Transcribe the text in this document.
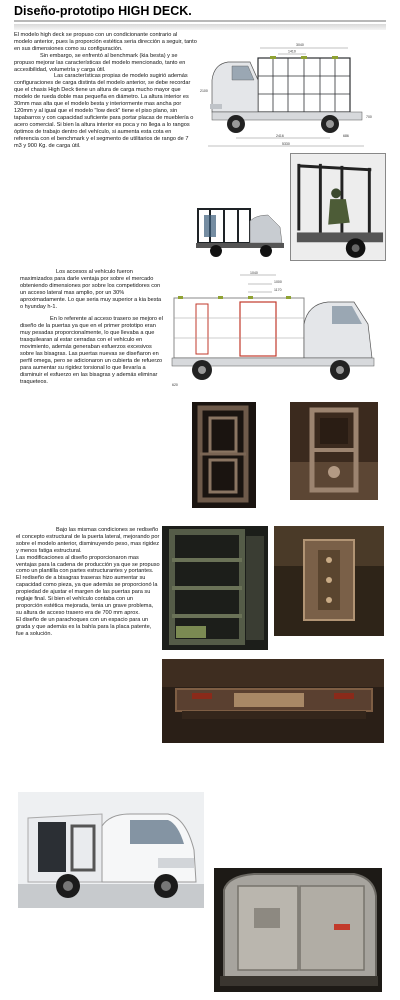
Diseño-prototipo HIGH DECK.
El modelo high deck se propuso con un condicionante contrario al modelo anterior, pues la proporción estética seria dirección a seguir, tanto en sus dimensiones como su configuración.
Sin embargo, se enfrentó al benchmark (kia besta) y se propuso mejorar las características del modelo mencionado, tanto en accesibilidad, volumetría y carga útil.
Las características propias de modelo sugirió además configuraciones de carga distinta del modelo anterior, se debe recordar que el chasis High Deck tiene un altura de carga mucho mayor que modelo de rueda doble mas pequeña en diámetro. La altura interior es 30mm mas alta que el modelo besta y interiormente mas ancha por 120mm y al igual que el modelo "low deck" tiene el piso plano, sin tapabarros y con capacidad suficiente para portar placas de mueblería o acero comercial. Si bien la altura interior es poca y no llega a lo rangos óptimos de trabajo dentro del vehículo, si aumenta esta cota en referencia con el benchmark y el segmento de utilitarios de rango de 7 m3 y 900 Kg. de carga útil.
3040
1410
2416	686
5330
2100
700
Los accesos al vehículo fueron maximizados para darle ventaja por sobre el mercado obteniendo dimensiones por sobre los competidores con un acceso lateral mas amplio, por un 30% aproximadamente. Lo que seria muy superior a kia besta o hyunday h-1.
En lo referente al acceso trasero se mejoro el diseño de la puertas ya que en el primer prototipo eran muy pesadas proporcionalmente, lo que llevaba a que trasquilearan al estar cerradas con el vehículo en movimiento, además generaban esfuerzos excesivos sobre las bisagras. Las puertas nuevas se diseñaron en perfil omega, pero se adicionaron un cubierta de refuerzo para aumentar su rigidez torsional lo que llevaría a disminuir el esfuerzo en las bisagras y además eliminar traqueteos.
1040
1000
1170
620
Bajo las mismas condiciones se rediseño el concepto estructural de la puerta lateral, mejorando por sobre el modelo anterior, disminuyendo peso, mas rigidez y menos fatiga estructural.
Las modificaciones al diseño proporcionaron mas ventajas para la cadena de producción ya que se propuso como un plantilla con partes estructurantes y portantes.
El rediseño de a bisagras traseras hizo aumentar su capacidad como pieza, ya que además se proporcionó la propiedad de ajustar el margen de las puertas para su reglaje final. Si bien el vehículo contaba con un proporción estética mejorada, tenia un grave problema, su altura de acceso trasero era de 700 mm aprox.
El diseño de un parachoques con un espacio para un grada y que además es la bahía para la placa patente, fue a solución.
